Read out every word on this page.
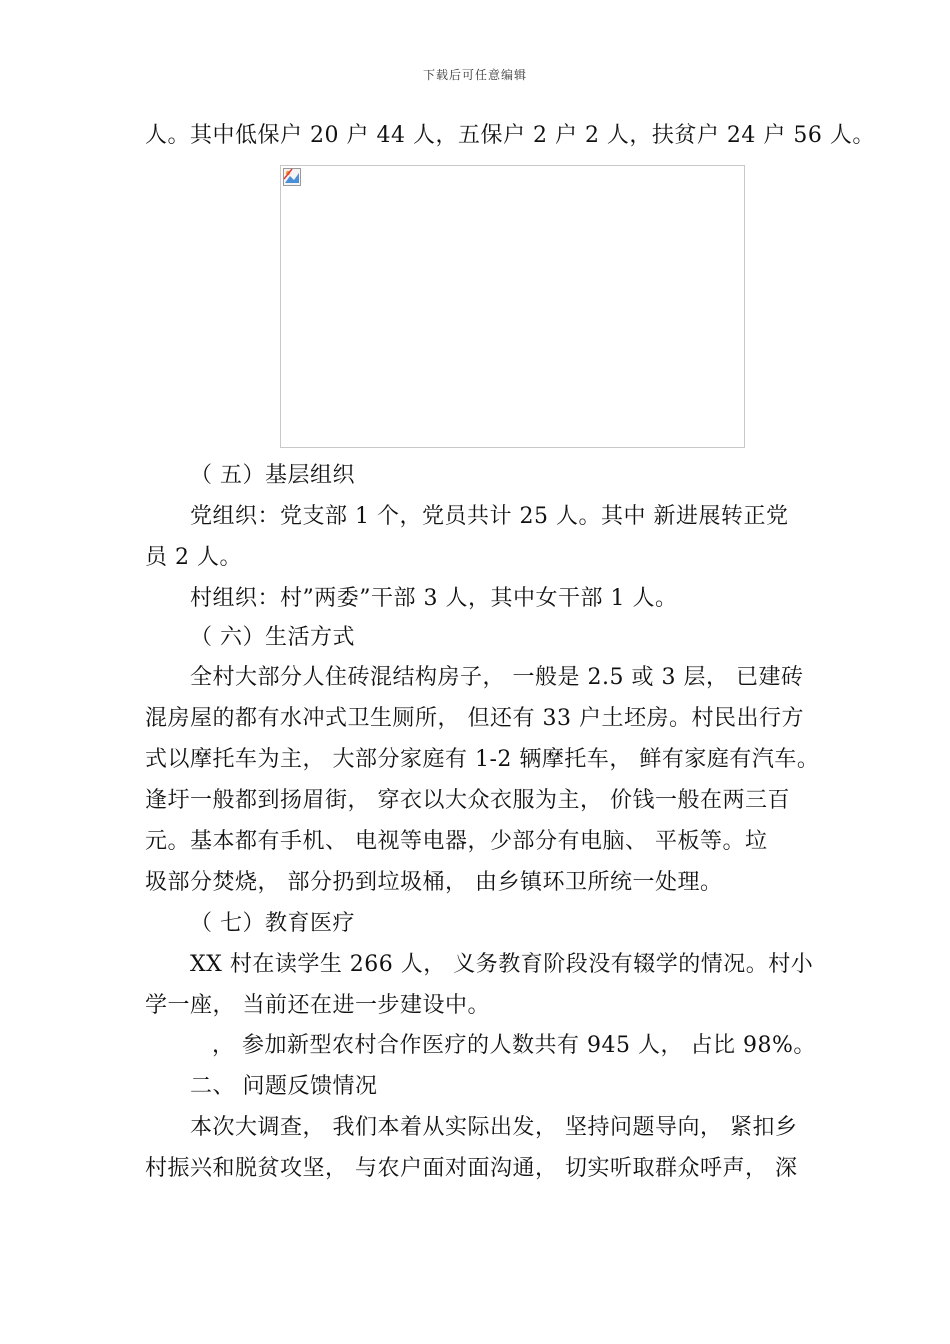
下载后可任意编辑
人。其中低保户 20 户 44 人，五保户 2 户 2 人，扶贫户 24 户 56 人。
（ 五）基层组织
党组织：党支部 1 个，党员共计 25 人。其中 新进展转正党
员 2 人。
村组织：村”两委”干部 3 人，其中女干部 1 人。
（ 六）生活方式
全村大部分人住砖混结构房子， 一般是 2.5 或 3 层， 已建砖
混房屋的都有水冲式卫生厕所， 但还有 33 户土坯房。村民出行方
式以摩托车为主， 大部分家庭有 1-2 辆摩托车， 鲜有家庭有汽车。
逢圩一般都到扬眉街， 穿衣以大众衣服为主， 价钱一般在两三百
元。基本都有手机、 电视等电器，少部分有电脑、 平板等。垃
圾部分焚烧， 部分扔到垃圾桶， 由乡镇环卫所统一处理。
（ 七）教育医疗
XX 村在读学生 266 人， 义务教育阶段没有辍学的情况。村小
学一座， 当前还在进一步建设中。
， 参加新型农村合作医疗的人数共有 945 人， 占比 98%。
二、 问题反馈情况
本次大调查， 我们本着从实际出发， 坚持问题导向， 紧扣乡
村振兴和脱贫攻坚， 与农户面对面沟通， 切实听取群众呼声， 深
